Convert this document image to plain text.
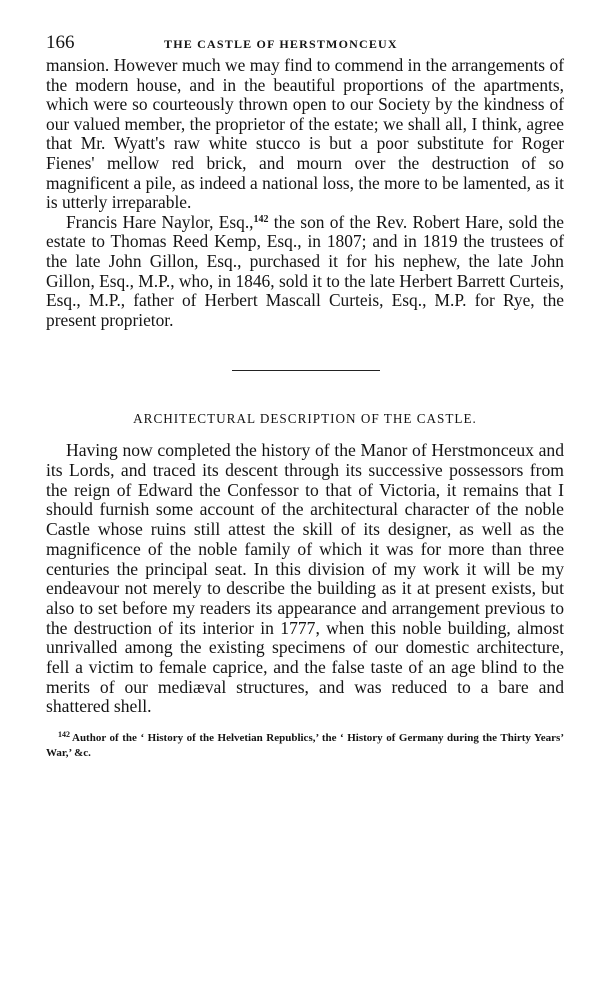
166	THE CASTLE OF HERSTMONCEUX

mansion. However much we may find to commend in the arrangements of the modern house, and in the beautiful proportions of the apartments, which were so courteously thrown open to our Society by the kindness of our valued member, the proprietor of the estate; we shall all, I think, agree that Mr. Wyatt's raw white stucco is but a poor substitute for Roger Fienes' mellow red brick, and mourn over the destruction of so magnificent a pile, as indeed a national loss, the more to be lamented, as it is utterly irreparable.

Francis Hare Naylor, Esq.,$^{142}$ the son of the Rev. Robert Hare, sold the estate to Thomas Reed Kemp, Esq., in 1807; and in 1819 the trustees of the late John Gillon, Esq., purchased it for his nephew, the late John Gillon, Esq., M.P., who, in 1846, sold it to the late Herbert Barrett Curteis, Esq., M.P., father of Herbert Mascall Curteis, Esq., M.P. for Rye, the present proprietor.

ARCHITECTURAL DESCRIPTION OF THE CASTLE.

Having now completed the history of the Manor of Herstmonceux and its Lords, and traced its descent through its successive possessors from the reign of Edward the Confessor to that of Victoria, it remains that I should furnish some account of the architectural character of the noble Castle whose ruins still attest the skill of its designer, as well as the magnificence of the noble family of which it was for more than three centuries the principal seat. In this division of my work it will be my endeavour not merely to describe the building as it at present exists, but also to set before my readers its appearance and arrangement previous to the destruction of its interior in 1777, when this noble building, almost unrivalled among the existing specimens of our domestic architecture, fell a victim to female caprice, and the false taste of an age blind to the merits of our mediæval structures, and was reduced to a bare and shattered shell.

$^{142}$ Author of the ‘ History of the Helvetian Republics,’ the ‘ History of Germany during the Thirty Years’ War,’ &c.
